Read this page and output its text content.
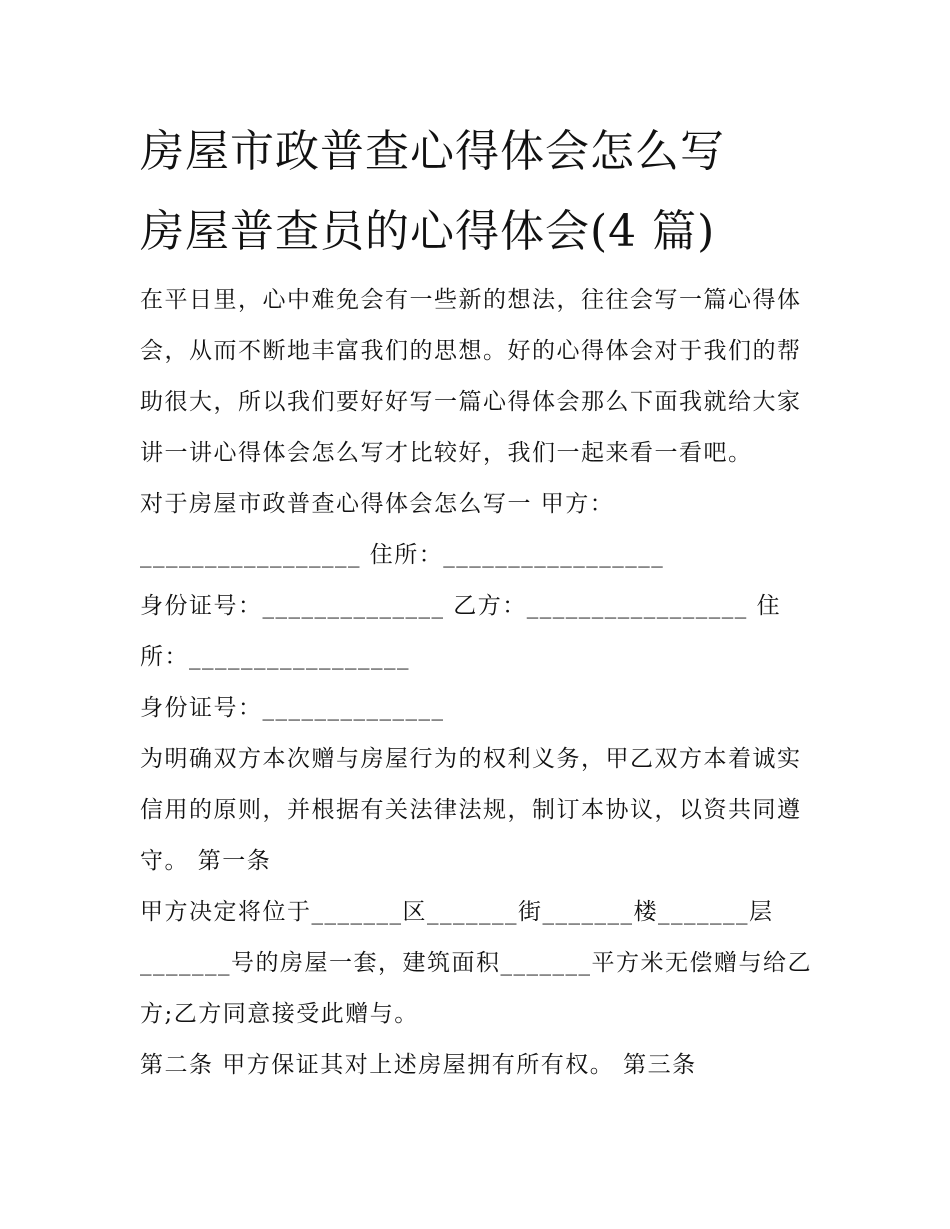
房屋市政普查心得体会怎么写
房屋普查员的心得体会(4 篇)

在平日里，心中难免会有一些新的想法，往往会写一篇心得体

会，从而不断地丰富我们的思想。好的心得体会对于我们的帮

助很大，所以我们要好好写一篇心得体会那么下面我就给大家

讲一讲心得体会怎么写才比较好，我们一起来看一看吧。

对于房屋市政普查心得体会怎么写一 甲方：

_________________ 住所：_________________

身份证号：______________ 乙方：_________________ 住

所：_________________

身份证号：______________

为明确双方本次赠与房屋行为的权利义务，甲乙双方本着诚实

信用的原则，并根据有关法律法规，制订本协议，以资共同遵

守。 第一条

甲方决定将位于_______区_______街_______楼_______层

_______号的房屋一套，建筑面积_______平方米无偿赠与给乙

方;乙方同意接受此赠与。

第二条 甲方保证其对上述房屋拥有所有权。 第三条
